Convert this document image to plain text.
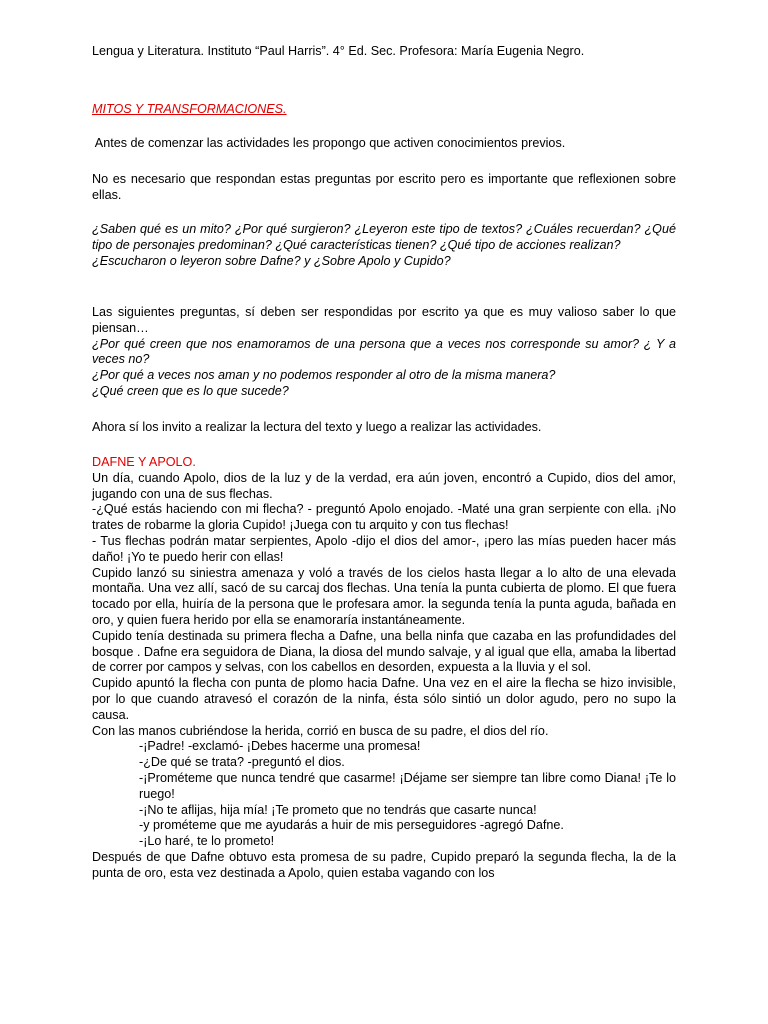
Lengua y Literatura. Instituto “Paul Harris”. 4° Ed. Sec. Profesora: María Eugenia Negro.
MITOS Y TRANSFORMACIONES.

Antes de comenzar las actividades les propongo que activen conocimientos previos.

No es necesario que respondan estas preguntas por escrito pero es importante que reflexionen sobre ellas.

¿Saben qué es un mito? ¿Por qué surgieron? ¿Leyeron este tipo de textos? ¿Cuáles recuerdan? ¿Qué tipo de personajes predominan? ¿Qué características tienen? ¿Qué tipo de acciones realizan?

¿Escucharon o leyeron sobre Dafne? y ¿Sobre Apolo y Cupido?

Las siguientes preguntas, sí deben ser respondidas por escrito ya que es muy valioso saber lo que piensan…

¿Por qué creen que nos enamoramos de una persona que a veces nos corresponde su amor? ¿ Y a veces no?

¿Por qué a veces nos aman y no podemos responder al otro de la misma manera?

¿Qué creen que es lo que sucede?

Ahora sí los invito a realizar la lectura del texto y luego a realizar las actividades.

DAFNE Y APOLO.

Un día, cuando Apolo, dios de la luz y de la verdad, era aún joven, encontró a Cupido, dios del amor, jugando con una de sus flechas.

-¿Qué estás haciendo con mi flecha? - preguntó Apolo enojado. -Maté una gran serpiente con ella. ¡No trates de robarme la gloria Cupido! ¡Juega con tu arquito y con tus flechas!

- Tus flechas podrán matar serpientes, Apolo -dijo el dios del amor-, ¡pero las mías pueden hacer más daño! ¡Yo te puedo herir con ellas!

Cupido lanzó su siniestra amenaza y voló a través de los cielos hasta llegar a lo alto de una elevada montaña. Una vez allí, sacó de su carcaj dos flechas. Una tenía la punta cubierta de plomo. El que fuera tocado por ella, huiría de la persona que le profesara amor. la segunda tenía la punta aguda, bañada en oro, y quien fuera herido por ella se enamoraría instantáneamente.

Cupido tenía destinada su primera flecha a Dafne, una bella ninfa que cazaba en las profundidades del bosque . Dafne era seguidora de Diana, la diosa del mundo salvaje, y al igual que ella, amaba la libertad de correr por campos y selvas, con los cabellos en desorden, expuesta a la lluvia y el sol.

Cupido apuntó la flecha con punta de plomo hacia Dafne. Una vez en el aire la flecha se hizo invisible, por lo que cuando atravesó el corazón de la ninfa, ésta sólo sintió un dolor agudo, pero no supo la causa.

Con las manos cubriéndose la herida, corrió en busca de su padre, el dios del río.

-¡Padre! -exclamó- ¡Debes hacerme una promesa!

-¿De qué se trata? -preguntó el dios.

-¡Prométeme que nunca tendré que casarme! ¡Déjame ser siempre tan libre como Diana! ¡Te lo ruego!

-¡No te aflijas, hija mía! ¡Te prometo que no tendrás que casarte nunca!

-y prométeme que me ayudarás a huir de mis perseguidores -agregó Dafne.

-¡Lo haré, te lo prometo!

Después de que Dafne obtuvo esta promesa de su padre, Cupido preparó la segunda flecha, la de la punta de oro, esta vez destinada a Apolo, quien estaba vagando con los
